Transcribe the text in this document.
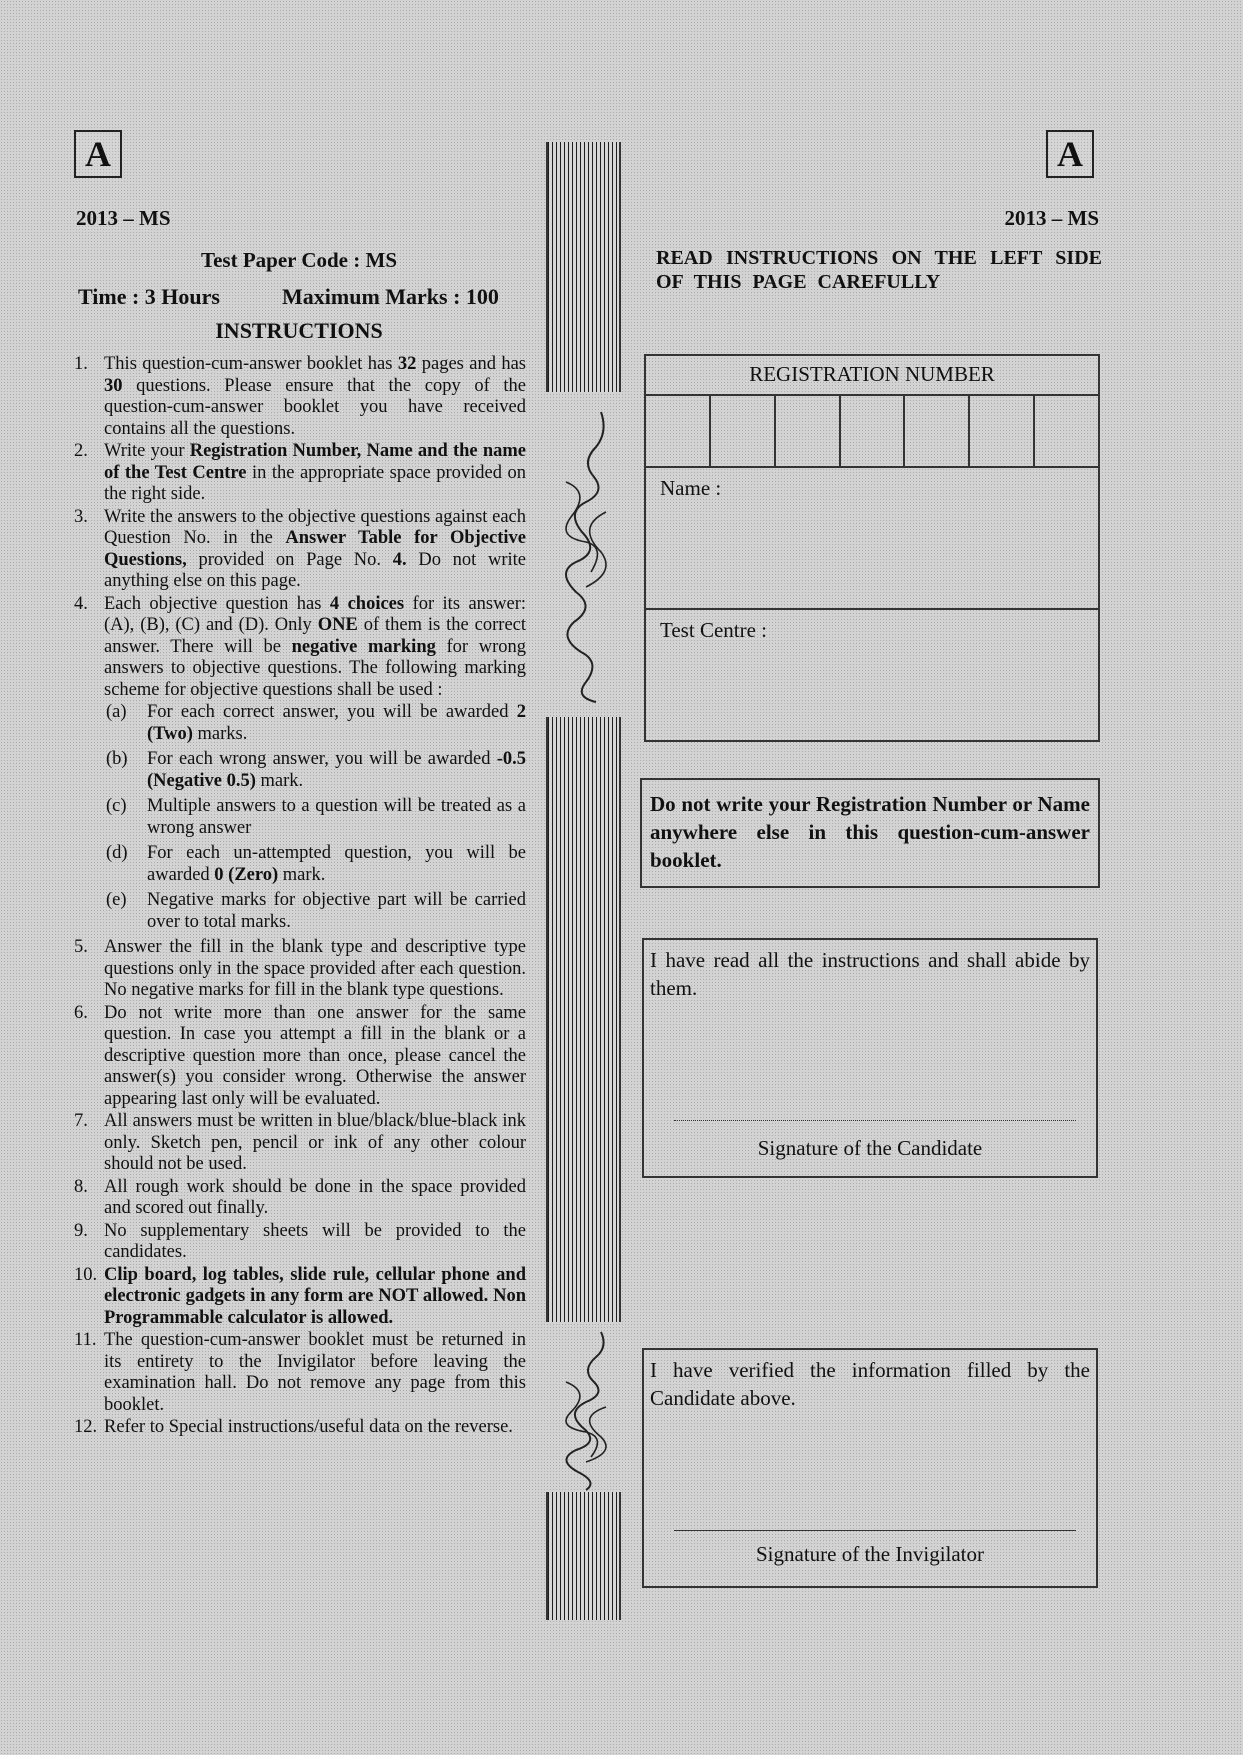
A
2013 – MS
A
2013 – MS
Test Paper Code : MS
Time : 3 Hours	Maximum Marks : 100
INSTRUCTIONS
1. This question-cum-answer booklet has 32 pages and has 30 questions. Please ensure that the copy of the question-cum-answer booklet you have received contains all the questions.
2. Write your Registration Number, Name and the name of the Test Centre in the appropriate space provided on the right side.
3. Write the answers to the objective questions against each Question No. in the Answer Table for Objective Questions, provided on Page No. 4. Do not write anything else on this page.
4. Each objective question has 4 choices for its answer: (A), (B), (C) and (D). Only ONE of them is the correct answer. There will be negative marking for wrong answers to objective questions. The following marking scheme for objective questions shall be used :
(a) For each correct answer, you will be awarded 2 (Two) marks.
(b) For each wrong answer, you will be awarded -0.5 (Negative 0.5) mark.
(c) Multiple answers to a question will be treated as a wrong answer
(d) For each un-attempted question, you will be awarded 0 (Zero) mark.
(e) Negative marks for objective part will be carried over to total marks.
5. Answer the fill in the blank type and descriptive type questions only in the space provided after each question. No negative marks for fill in the blank type questions.
6. Do not write more than one answer for the same question. In case you attempt a fill in the blank or a descriptive question more than once, please cancel the answer(s) you consider wrong. Otherwise the answer appearing last only will be evaluated.
7. All answers must be written in blue/black/blue-black ink only. Sketch pen, pencil or ink of any other colour should not be used.
8. All rough work should be done in the space provided and scored out finally.
9. No supplementary sheets will be provided to the candidates.
10. Clip board, log tables, slide rule, cellular phone and electronic gadgets in any form are NOT allowed. Non Programmable calculator is allowed.
11. The question-cum-answer booklet must be returned in its entirety to the Invigilator before leaving the examination hall. Do not remove any page from this booklet.
12. Refer to Special instructions/useful data on the reverse.
READ INSTRUCTIONS ON THE LEFT SIDE OF THIS PAGE CAREFULLY
REGISTRATION NUMBER
Name :
Test Centre :
Do not write your Registration Number or Name anywhere else in this question-cum-answer booklet.
I have read all the instructions and shall abide by them.
Signature of the Candidate
I have verified the information filled by the Candidate above.
Signature of the Invigilator
